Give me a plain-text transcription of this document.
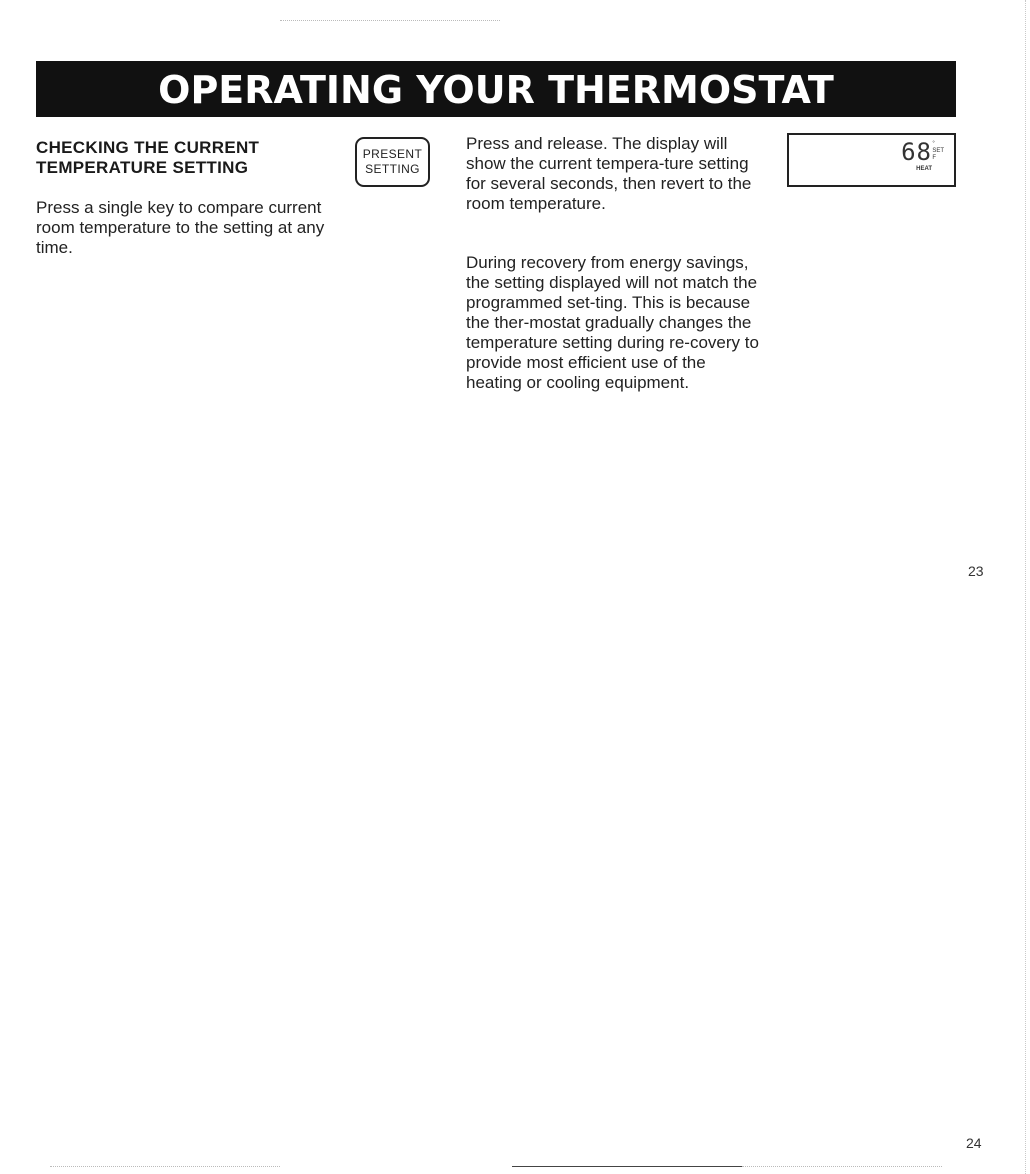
OPERATING YOUR THERMOSTAT
CHECKING THE CURRENT
TEMPERATURE SETTING
Press a single key to compare current room temperature to the setting at any time.
PRESENT
SETTING
Press and release. The display will show the current tempera-ture setting for several seconds, then revert to the room temperature.
During recovery from energy savings, the setting displayed will not match the programmed set-ting. This is because the ther-mostat gradually changes the temperature setting during re-covery to provide most efficient use of the heating or cooling equipment.
68 °
SET
F
HEAT
23
24
